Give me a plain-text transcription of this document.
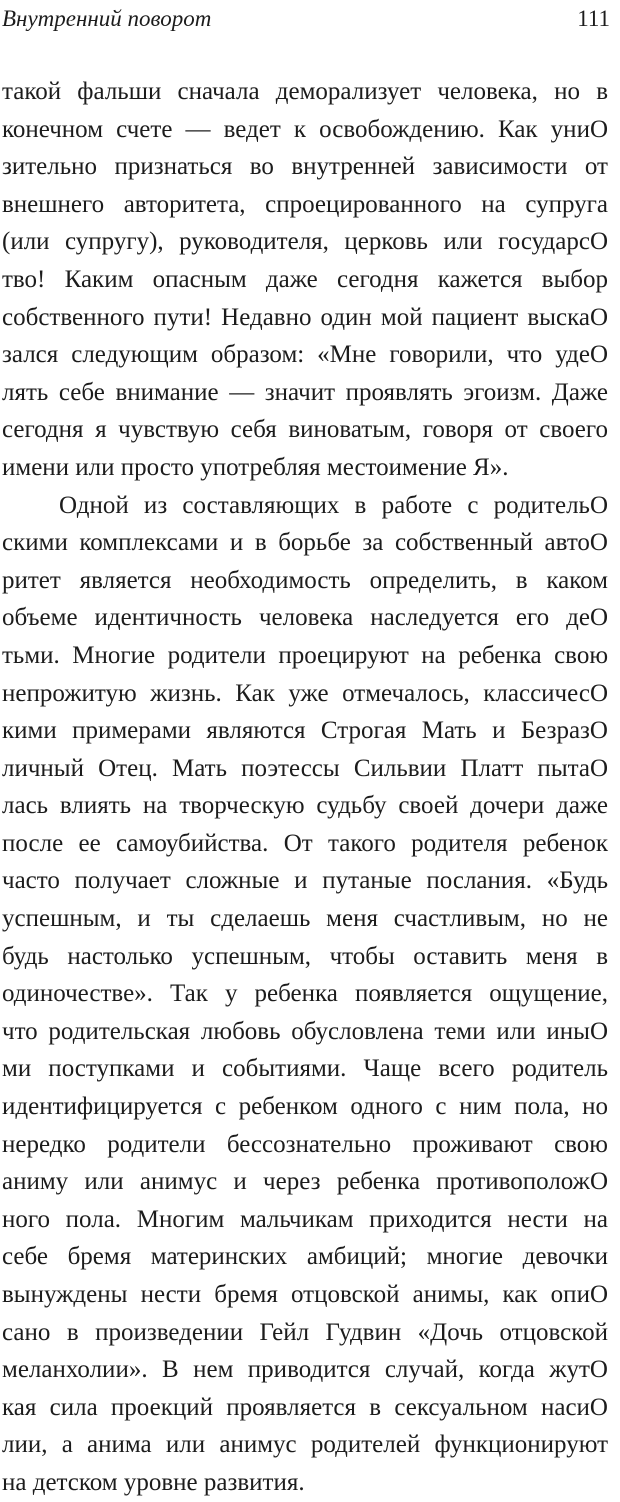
Внутренний поворот	111
такой фальши сначала деморализует человека, но в
конечном счете — ведет к освобождению. Как униО
зительно признаться во внутренней зависимости от
внешнего авторитета, спроецированного на супруга
(или супругу), руководителя, церковь или государсО
тво! Каким опасным даже сегодня кажется выбор
собственного пути! Недавно один мой пациент выскаО
зался следующим образом: «Мне говорили, что удеО
лять себе внимание — значит проявлять эгоизм. Даже
сегодня я чувствую себя виноватым, говоря от своего
имени или просто употребляя местоимение Я».
Одной из составляющих в работе с родительО
скими комплексами и в борьбе за собственный автоО
ритет является необходимость определить, в каком
объеме идентичность человека наследуется его деО
тьми. Многие родители проецируют на ребенка свою
непрожитую жизнь. Как уже отмечалось, классичесО
кими примерами являются Строгая Мать и БезразО
личный Отец. Мать поэтессы Сильвии Платт пытаО
лась влиять на творческую судьбу своей дочери даже
после ее самоубийства. От такого родителя ребенок
часто получает сложные и путаные послания. «Будь
успешным, и ты сделаешь меня счастливым, но не
будь настолько успешным, чтобы оставить меня в
одиночестве». Так у ребенка появляется ощущение,
что родительская любовь обусловлена теми или иныО
ми поступками и событиями. Чаще всего родитель
идентифицируется с ребенком одного с ним пола, но
нередко родители бессознательно проживают свою
аниму или анимус и через ребенка противоположО
ного пола. Многим мальчикам приходится нести на
себе бремя материнских амбиций; многие девочки
вынуждены нести бремя отцовской анимы, как опиО
сано в произведении Гейл Гудвин «Дочь отцовской
меланхолии». В нем приводится случай, когда жутО
кая сила проекций проявляется в сексуальном насиО
лии, а анима или анимус родителей функционируют
на детском уровне развития.
